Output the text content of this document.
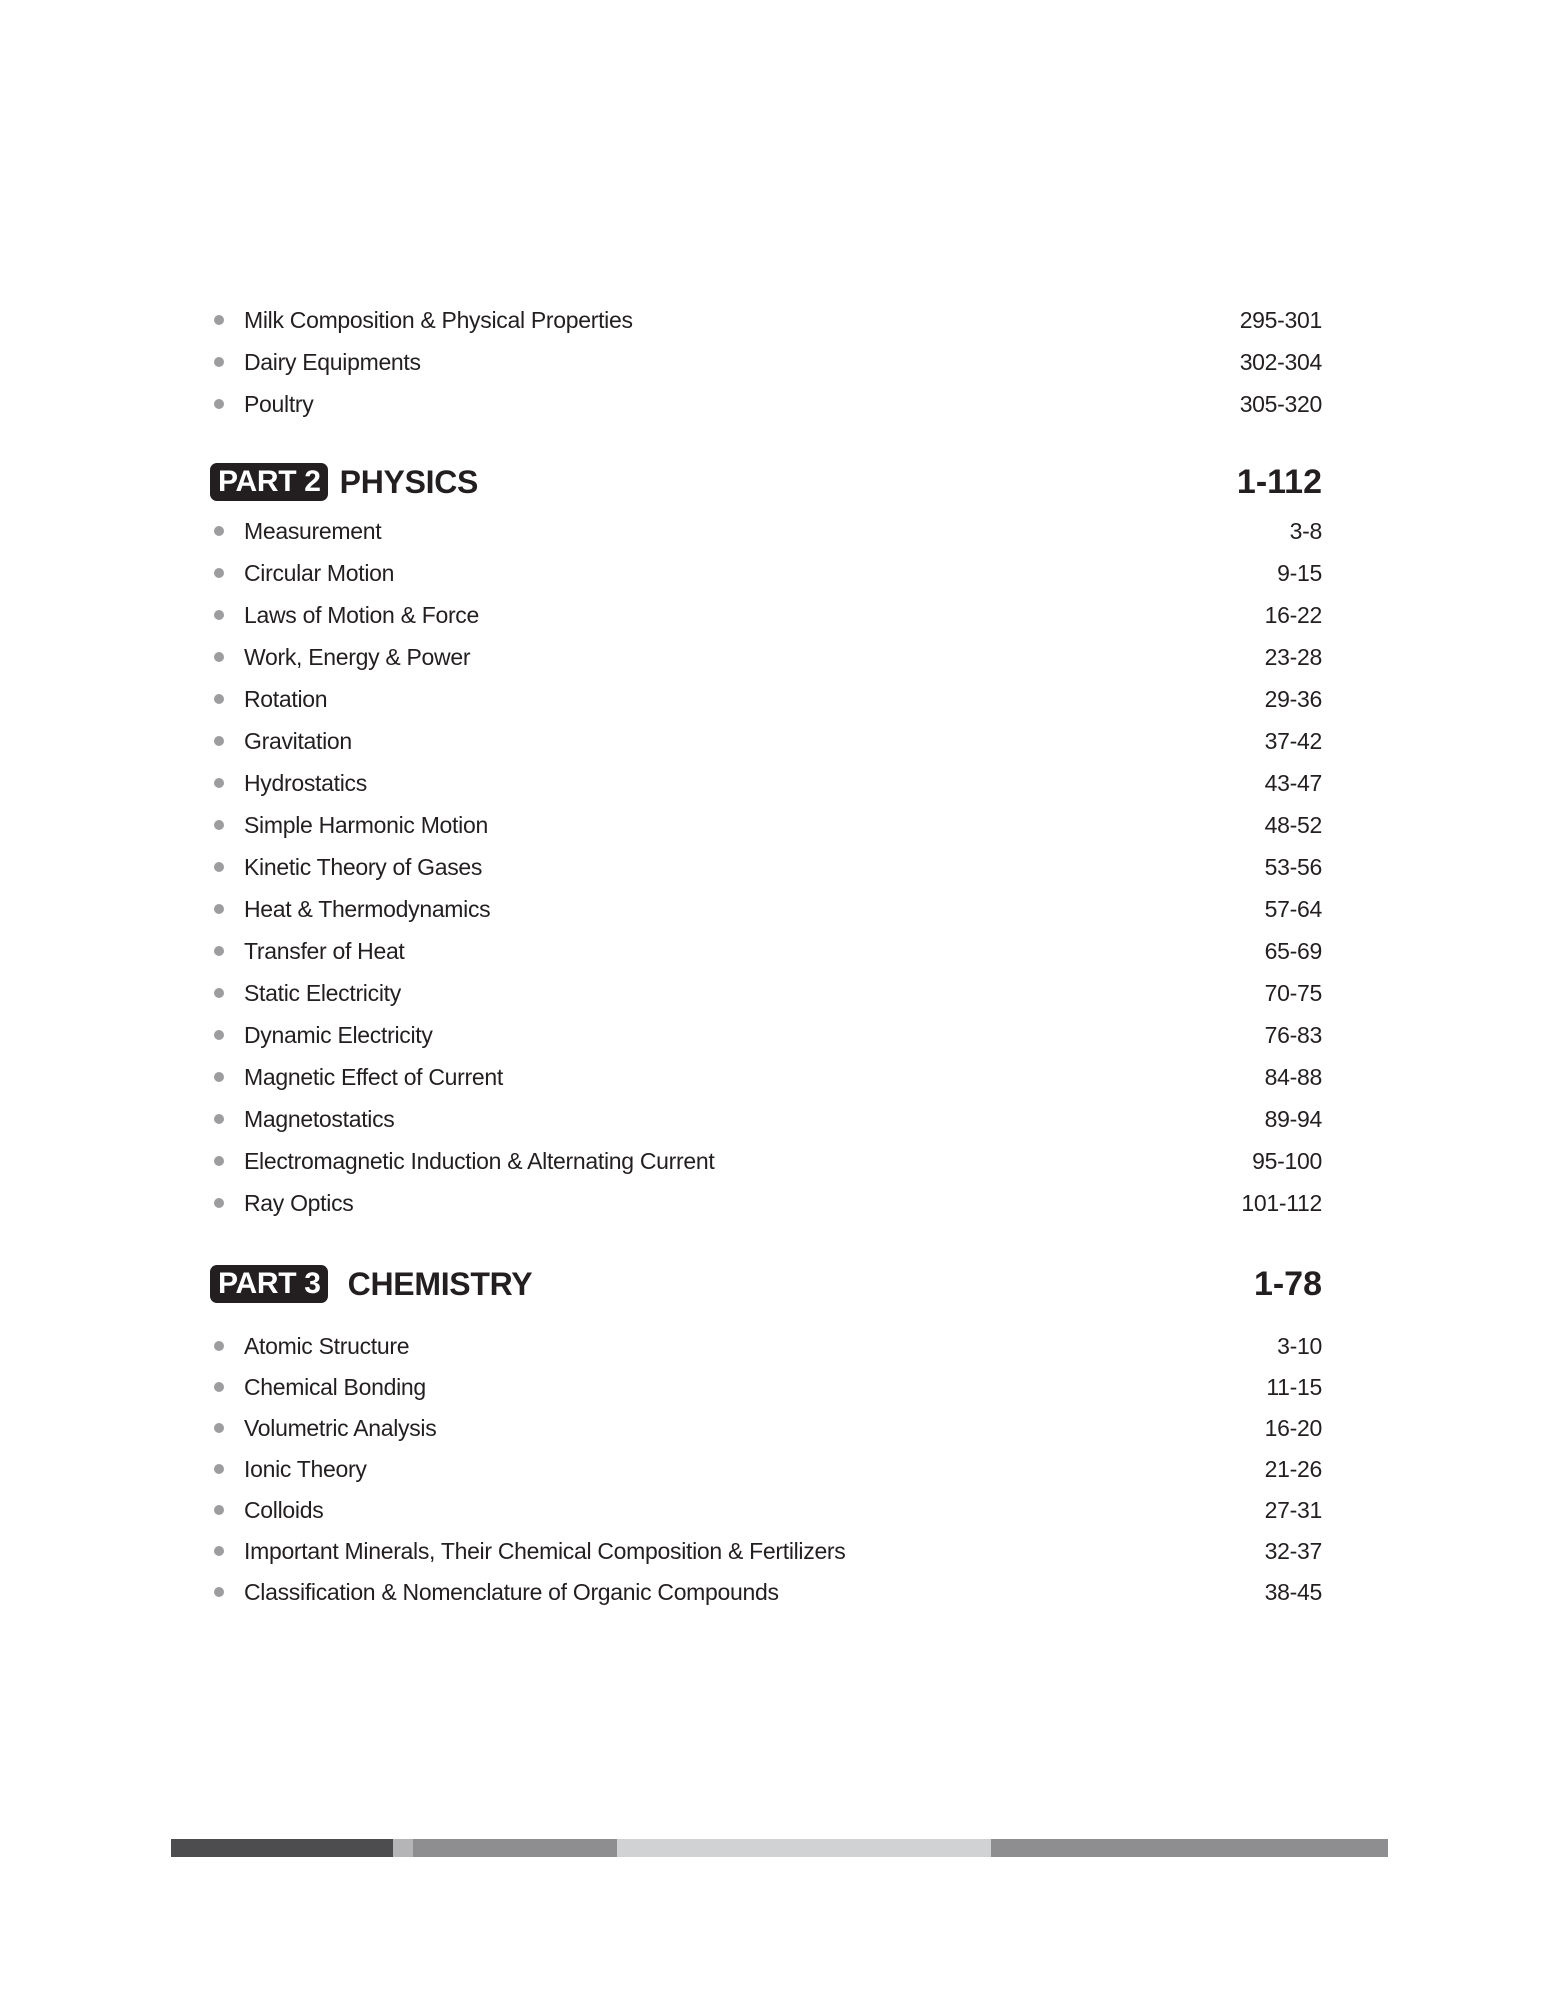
Milk Composition & Physical Properties	295-301
Dairy Equipments	302-304
Poultry	305-320
PART 2 PHYSICS	1-112
Measurement	3-8
Circular Motion	9-15
Laws of Motion & Force	16-22
Work, Energy & Power	23-28
Rotation	29-36
Gravitation	37-42
Hydrostatics	43-47
Simple Harmonic Motion	48-52
Kinetic Theory of Gases	53-56
Heat & Thermodynamics	57-64
Transfer of Heat	65-69
Static Electricity	70-75
Dynamic Electricity	76-83
Magnetic Effect of Current	84-88
Magnetostatics	89-94
Electromagnetic Induction & Alternating Current	95-100
Ray Optics	101-112
PART 3 CHEMISTRY	1-78
Atomic Structure	3-10
Chemical Bonding	11-15
Volumetric Analysis	16-20
Ionic Theory	21-26
Colloids	27-31
Important Minerals, Their Chemical Composition & Fertilizers	32-37
Classification & Nomenclature of Organic Compounds	38-45
